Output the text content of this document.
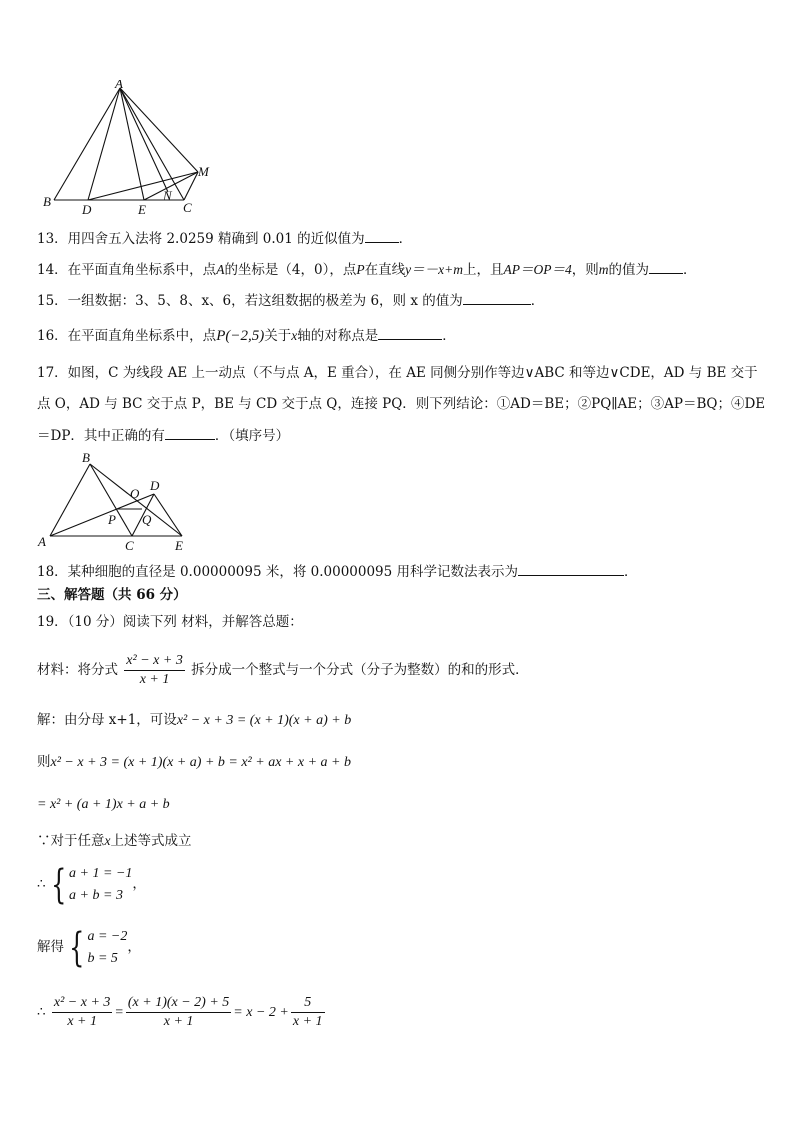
A
B
D	E
N
C
M
13．用四舍五入法将 2.0259 精确到 0.01 的近似值为	．
14．在平面直角坐标系中，点A的坐标是（4，0），点P在直线y＝－x+m上，且AP＝OP＝4，则m的值为	．
15．一组数据：3、5、8、x、6，若这组数据的极差为 6，则 x 的值为	．
16．在平面直角坐标系中，点P(−2,5)关于x轴的对称点是	．
17．如图，C 为线段 AE 上一动点（不与点 A，E 重合），在 AE 同侧分别作等边∨ABC 和等边∨CDE，AD 与 BE 交于
点 O，AD 与 BC 交于点 P，BE 与 CD 交于点 Q，连接 PQ．则下列结论：①AD＝BE；②PQ∥AE；③AP＝BQ；④DE
＝DP．其中正确的有	．（填序号）
B
O
D
P Q
A	C	E
18．某种细胞的直径是 0.00000095 米，将 0.00000095 用科学记数法表示为	．
三、解答题（共 66 分）
19．（10 分）阅读下列 材料，并解答总题：
材料：将分式 $\frac{\text{x² − x + 3}}{x + 1}$ 拆分成一个整式与一个分式（分子为整数）的和的形式．
解：由分母 x+1，可设x² − x + 3 = (x + 1)(x + a) + b
则x² − x + 3 = (x + 1)(x + a) + b = x² + ax + x + a + b
= x² + (a + 1)x + a + b
∵对于任意x上述等式成立
∴ { a + 1 = −1
a + b = 3
，
解得 { a = −2
b = 5
，
∴ $\frac{\text{x² − x + 3}}{x + 1} = \frac{(x + 1)(x - 2) + 5}{x + 1} = x - 2 + \frac{5}{x + 1}$
